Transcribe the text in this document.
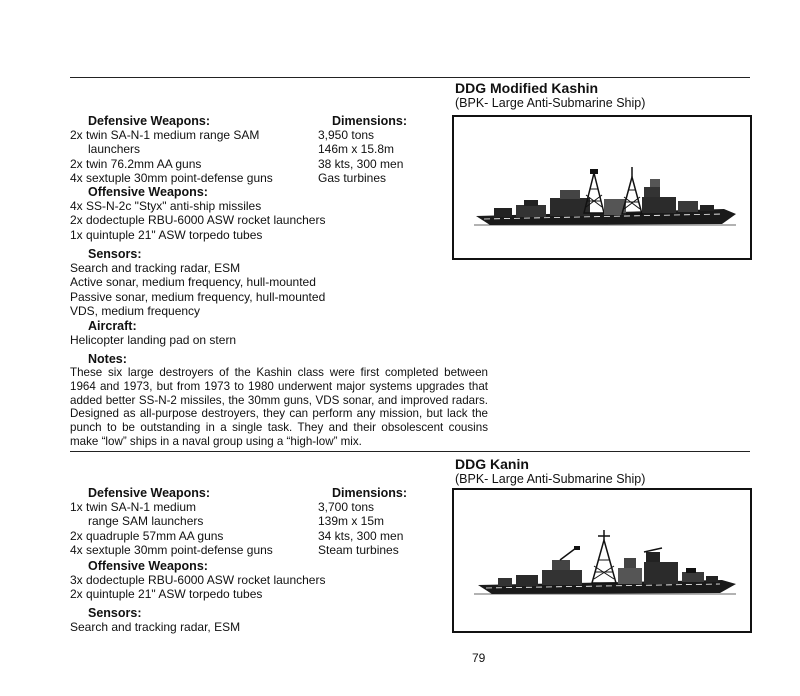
DDG Modified Kashin
(BPK- Large Anti-Submarine Ship)
Defensive Weapons:
2x twin SA-N-1 medium range SAM
launchers
2x twin 76.2mm AA guns
4x sextuple 30mm point-defense guns
Dimensions:
3,950 tons
146m x 15.8m
38 kts, 300 men
Gas turbines
Offensive Weapons:
4x SS-N-2c "Styx" anti-ship missiles
2x dodectuple RBU-6000 ASW rocket launchers
1x quintuple 21" ASW torpedo tubes
Sensors:
Search and tracking radar, ESM
Active sonar, medium frequency, hull-mounted
Passive sonar, medium frequency, hull-mounted
VDS, medium frequency
Aircraft:
Helicopter landing pad on stern
Notes:
These six large destroyers of the Kashin class were first completed between 1964 and 1973, but from 1973 to 1980 underwent major systems upgrades that added better SS-N-2 missiles, the 30mm guns, VDS sonar, and improved radars. Designed as all-purpose destroyers, they can perform any mission, but lack the punch to be outstanding in a single task. They and their obsolescent cousins make “low” ships in a naval group using a “high-low” mix.
DDG Kanin
(BPK- Large Anti-Submarine Ship)
Defensive Weapons:
1x twin SA-N-1 medium
range SAM launchers
2x quadruple 57mm AA guns
4x sextuple 30mm point-defense guns
Dimensions:
3,700 tons
139m x 15m
34 kts, 300 men
Steam turbines
Offensive Weapons:
3x dodectuple RBU-6000 ASW rocket launchers
2x quintuple 21" ASW torpedo tubes
Sensors:
Search and tracking radar, ESM
79
